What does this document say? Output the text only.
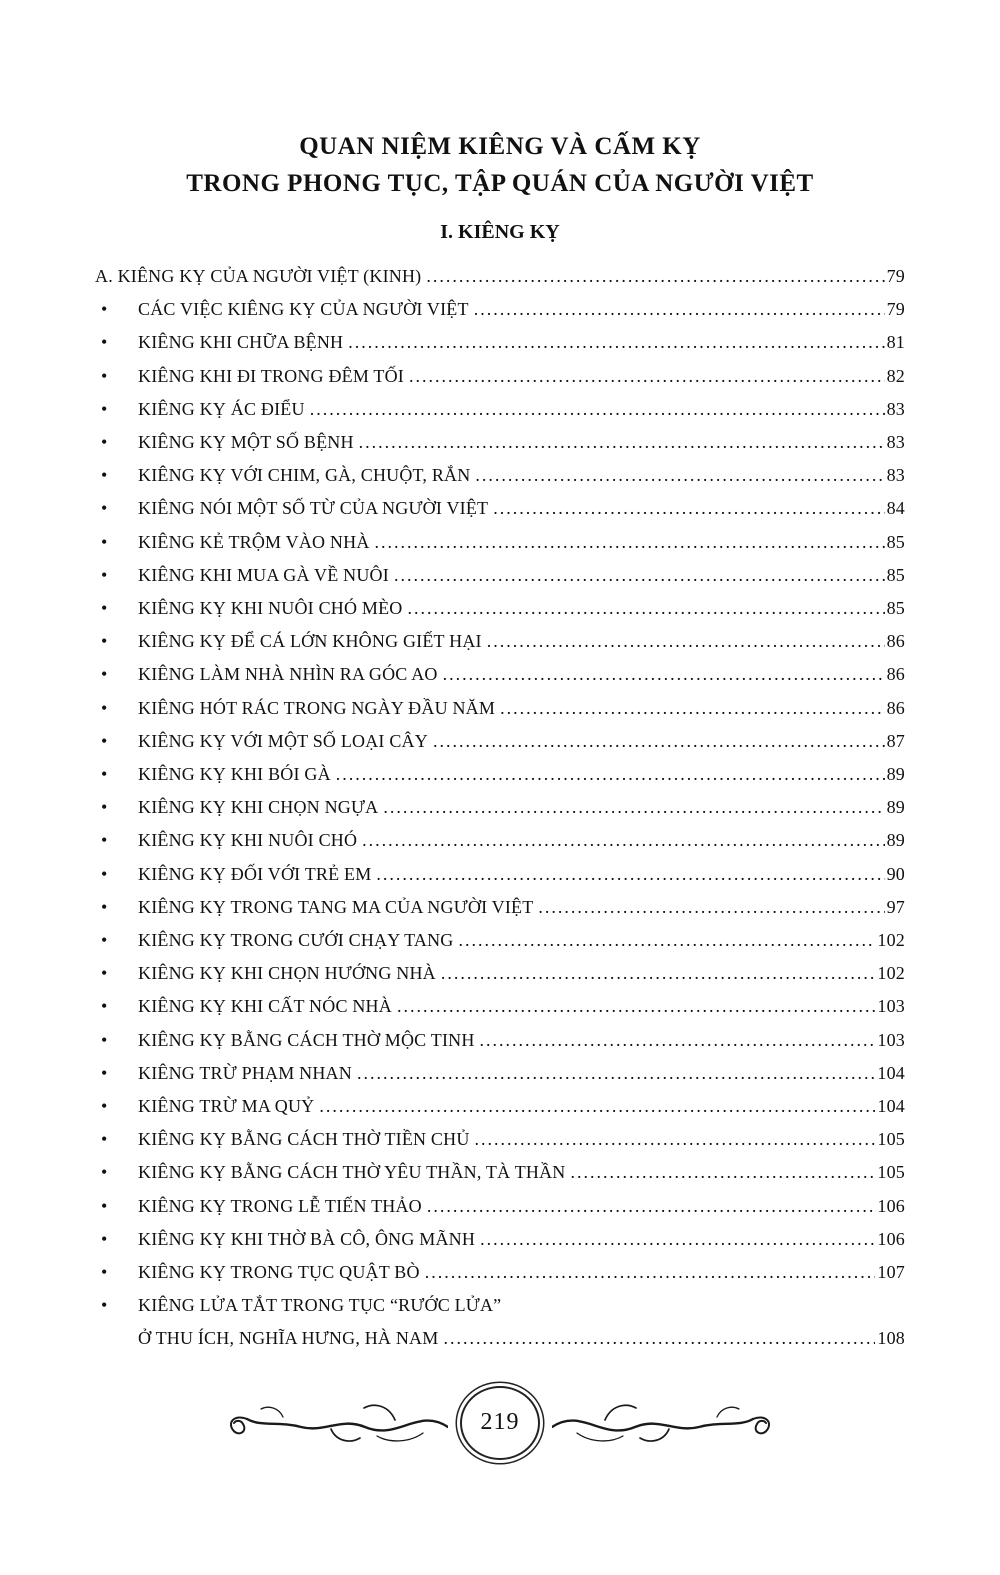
QUAN NIỆM KIÊNG VÀ CẤM KỴ
TRONG PHONG TỤC, TẬP QUÁN CỦA NGƯỜI VIỆT
I. KIÊNG KỴ
A. KIÊNG KỴ CỦA NGƯỜI VIỆT (KINH) .....	79
•	CÁC VIỆC KIÊNG KỴ CỦA NGƯỜI VIỆT .....	79
•	KIÊNG KHI CHỮA BỆNH .....	81
•	KIÊNG KHI ĐI TRONG ĐÊM TỐI .....	82
•	KIÊNG KỴ ÁC ĐIỂU .....	83
•	KIÊNG KỴ MỘT SỐ BỆNH .....	83
•	KIÊNG KỴ VỚI CHIM, GÀ, CHUỘT, RẮN .....	83
•	KIÊNG NÓI MỘT SỐ TỪ CỦA NGƯỜI VIỆT .....	84
•	KIÊNG KẺ TRỘM VÀO NHÀ .....	85
•	KIÊNG KHI MUA GÀ VỀ NUÔI .....	85
•	KIÊNG KỴ KHI NUÔI CHÓ MÈO .....	85
•	KIÊNG KỴ ĐỂ CÁ LỚN KHÔNG GIẾT HẠI .....	86
•	KIÊNG LÀM NHÀ NHÌN RA GÓC AO .....	86
•	KIÊNG HÓT RÁC TRONG NGÀY ĐẦU NĂM .....	86
•	KIÊNG KỴ VỚI MỘT SỐ LOẠI CÂY .....	87
•	KIÊNG KỴ KHI BÓI GÀ .....	89
•	KIÊNG KỴ KHI CHỌN NGỰA .....	89
•	KIÊNG KỴ KHI NUÔI CHÓ .....	89
•	KIÊNG KỴ ĐỐI VỚI TRẺ EM .....	90
•	KIÊNG KỴ TRONG TANG MA CỦA NGƯỜI VIỆT .....	97
•	KIÊNG KỴ TRONG CƯỚI CHẠY TANG .....	102
•	KIÊNG KỴ KHI CHỌN HƯỚNG NHÀ .....	102
•	KIÊNG KỴ KHI CẤT NÓC NHÀ .....	103
•	KIÊNG KỴ BẰNG CÁCH THỜ MỘC TINH .....	103
•	KIÊNG TRỪ PHẠM NHAN .....	104
•	KIÊNG TRỪ MA QUỶ .....	104
•	KIÊNG KỴ BẰNG CÁCH THỜ TIỀN CHỦ .....	105
•	KIÊNG KỴ BẰNG CÁCH THỜ YÊU THẦN, TÀ THẦN .....	105
•	KIÊNG KỴ TRONG LỄ TIẾN THẢO .....	106
•	KIÊNG KỴ KHI THỜ BÀ CÔ, ÔNG MÃNH .....	106
•	KIÊNG KỴ TRONG TỤC QUẬT BÒ .....	107
•	KIÊNG LỬA TẮT TRONG TỤC “RƯỚC LỬA”
Ở THU ÍCH, NGHĨA HƯNG, HÀ NAM .....	108
219
